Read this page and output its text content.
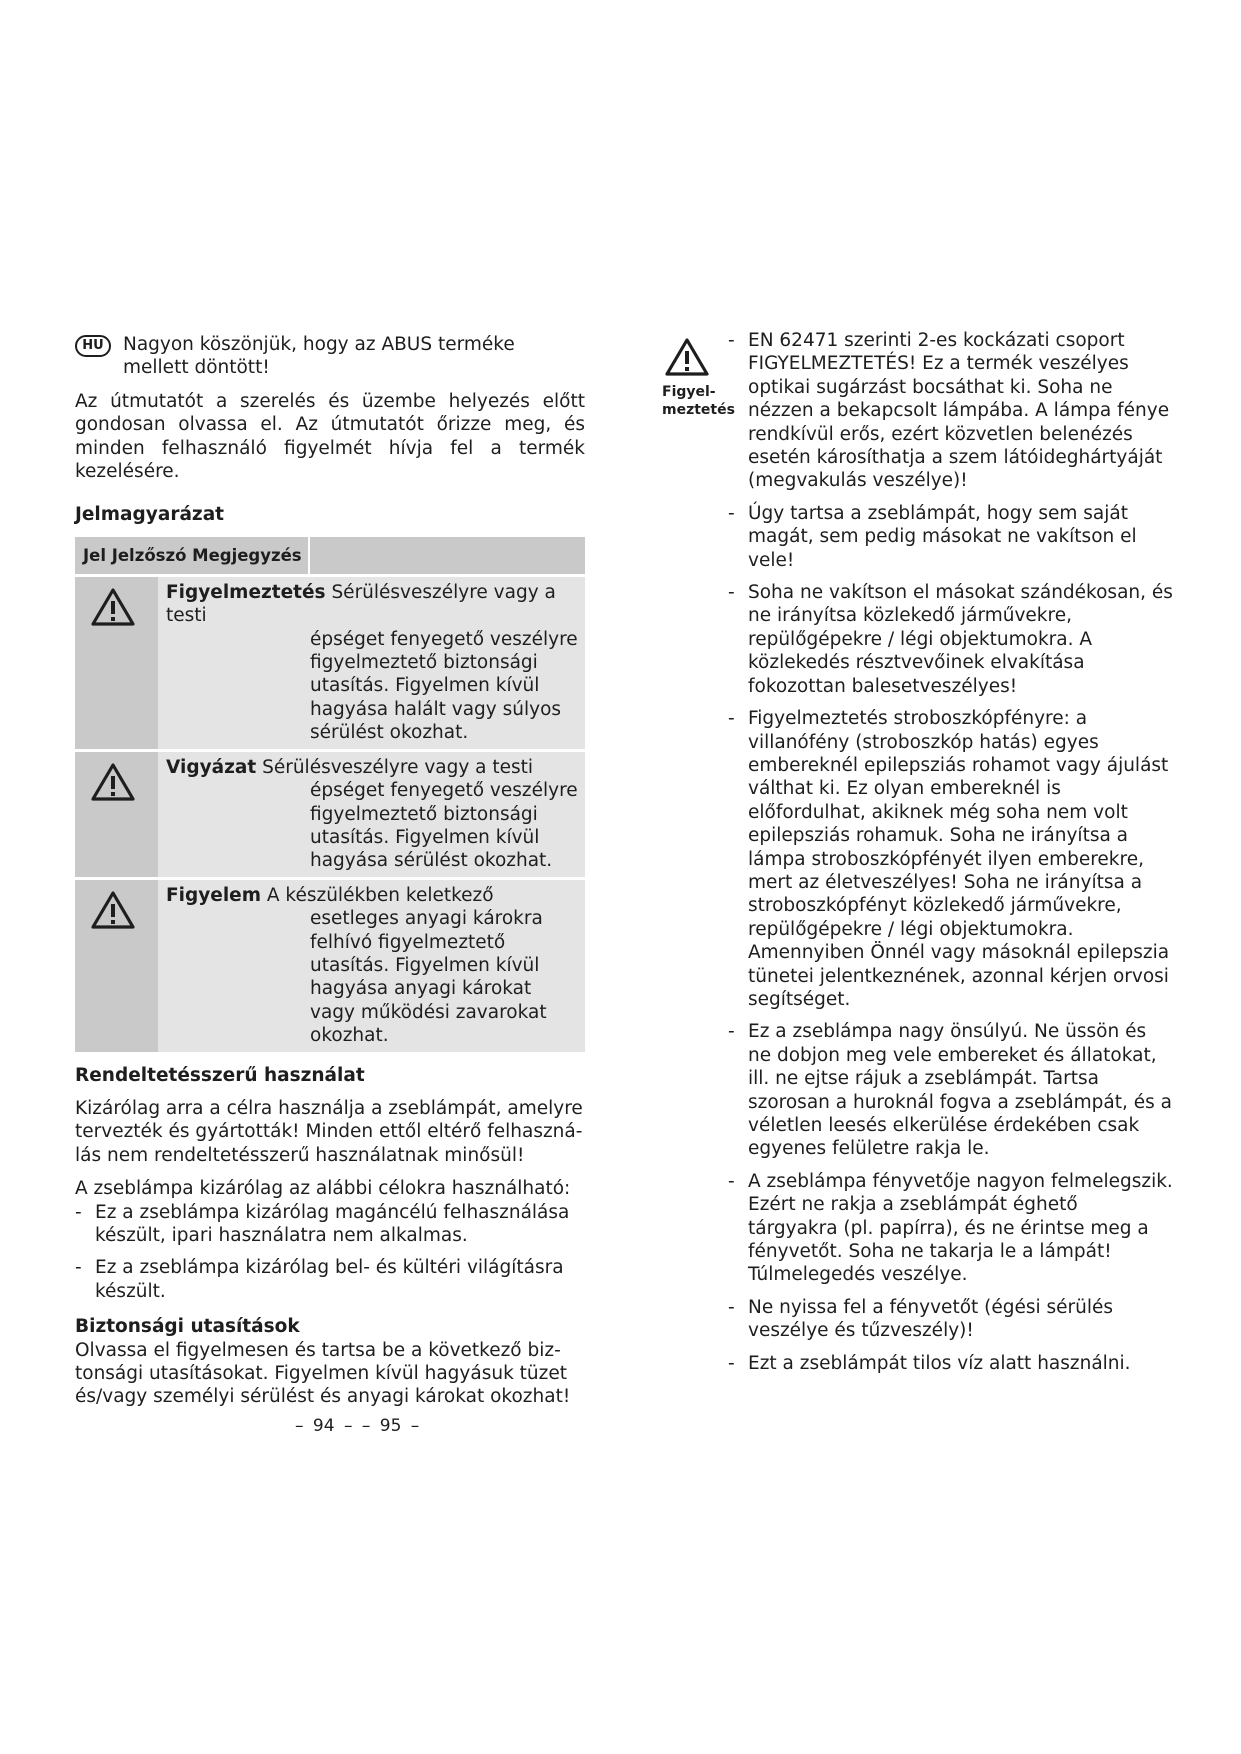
HU	Nagyon köszönjük, hogy az ABUS terméke mellett döntött!

Az útmutatót a szerelés és üzembe helyezés előtt gondosan olvassa el. Az útmutatót őrizze meg, és minden felhasználó figyelmét hívja fel a termék kezelésére.

Jelmagyarázat

Jel Jelzőszó Megjegyzés
Figyelmeztetés Sérülésveszélyre vagy a testi
épséget fenyegető veszélyre figyelmeztető biztonsági utasítás. Figyelmen kívül hagyása halált vagy súlyos sérülést okozhat.
Vigyázat Sérülésveszélyre vagy a testi
épséget fenyegető veszélyre figyelmeztető biztonsági utasítás. Figyelmen kívül hagyása sérülést okozhat.
Figyelem A készülékben keletkező
esetleges anyagi károkra felhívó figyelmeztető utasítás. Figyelmen kívül hagyása anyagi károkat vagy működési zavarokat okozhat.

Rendeltetésszerű használat

Kizárólag arra a célra használja a zseblámpát, amelyre tervezték és gyártották! Minden ettől eltérő felhaszná-lás nem rendeltetésszerű használatnak minősül!

A zseblámpa kizárólag az alábbi célokra használható:

- Ez a zseblámpa kizárólag magáncélú felhasználása készült, ipari használatra nem alkalmas.

- Ez a zseblámpa kizárólag bel- és kültéri világításra készült.

Biztonsági utasítások

Olvassa el figyelmesen és tartsa be a következő biz-tonsági utasításokat. Figyelmen kívül hagyásuk tüzet és/vagy személyi sérülést és anyagi károkat okozhat!

Figyel-meztetés

- EN 62471 szerinti 2-es kockázati csoport FIGYELMEZTETÉS! Ez a termék veszélyes optikai sugárzást bocsáthat ki. Soha ne nézzen a bekapcsolt lámpába. A lámpa fénye rendkívül erős, ezért közvetlen belenézés esetén károsíthatja a szem látóideghártyáját (megvakulás veszélye)!

- Úgy tartsa a zseblámpát, hogy sem saját magát, sem pedig másokat ne vakítson el vele!

- Soha ne vakítson el másokat szándékosan, és ne irányítsa közlekedő járművekre, repülőgépekre / légi objektumokra. A közlekedés résztvevőinek elvakítása fokozottan balesetveszélyes!

- Figyelmeztetés stroboszkópfényre: a villanófény (stroboszkóp hatás) egyes embereknél epilepsziás rohamot vagy ájulást válthat ki. Ez olyan embereknél is előfordulhat, akiknek még soha nem volt epilepsziás rohamuk. Soha ne irányítsa a lámpa stroboszkópfényét ilyen emberekre, mert az életveszélyes! Soha ne irányítsa a stroboszkópfényt közlekedő járművekre, repülőgépekre / légi objektumokra. Amennyiben Önnél vagy másoknál epilepszia tünetei jelentkeznének, azonnal kérjen orvosi segítséget.

- Ez a zseblámpa nagy önsúlyú. Ne üssön és ne dobjon meg vele embereket és állatokat, ill. ne ejtse rájuk a zseblámpát. Tartsa szorosan a huroknál fogva a zseblámpát, és a véletlen leesés elkerülése érdekében csak egyenes felületre rakja le.

- A zseblámpa fényvetője nagyon felmelegszik. Ezért ne rakja a zseblámpát éghető tárgyakra (pl. papírra), és ne érintse meg a fényvetőt. Soha ne takarja le a lámpát! Túlmelegedés veszélye.

- Ne nyissa fel a fényvetőt (égési sérülés veszélye és tűzveszély)!

- Ezt a zseblámpát tilos víz alatt használni.

– 94 – – 95 –
